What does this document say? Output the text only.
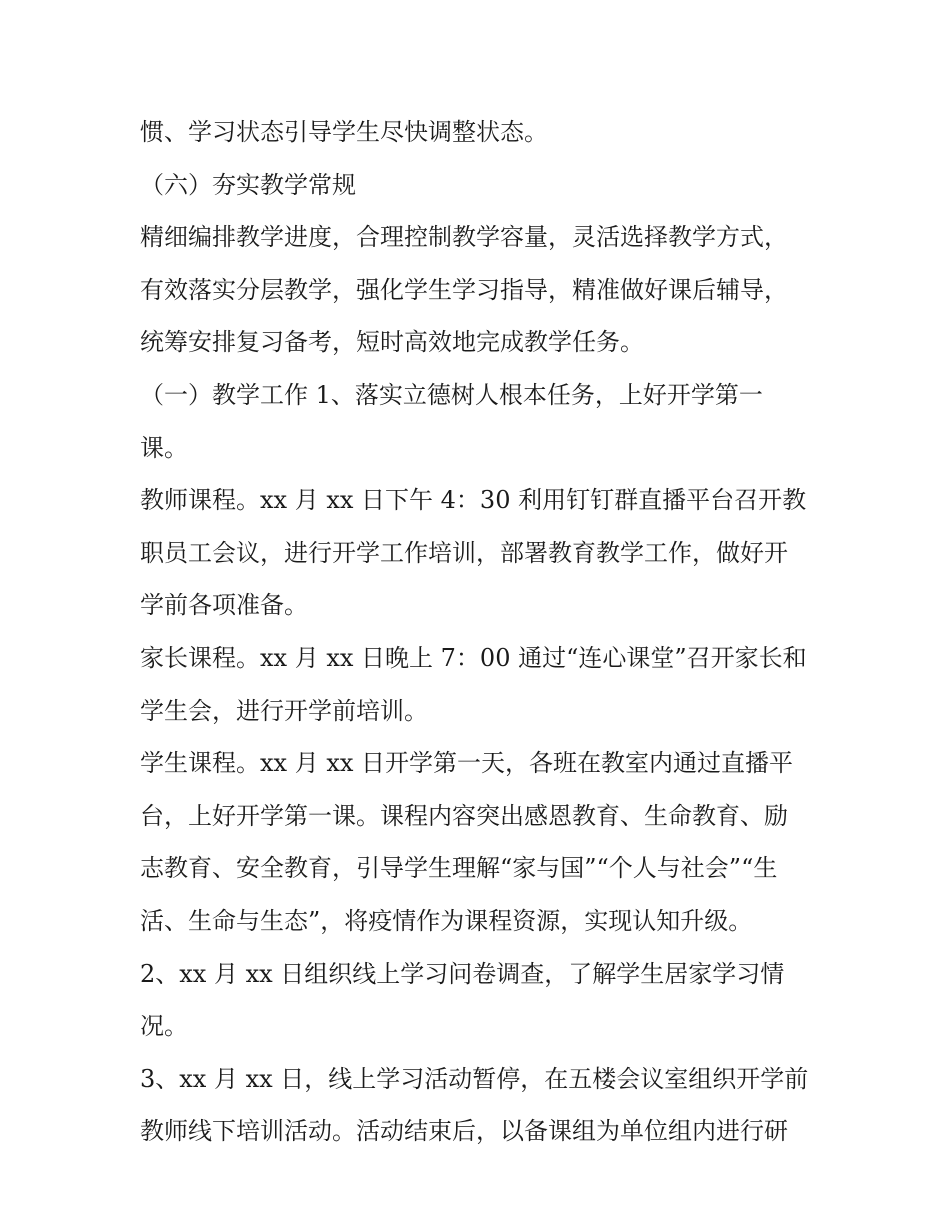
惯、学习状态引导学生尽快调整状态。
（六）夯实教学常规
精细编排教学进度，合理控制教学容量，灵活选择教学方式，
有效落实分层教学，强化学生学习指导，精准做好课后辅导，
统筹安排复习备考，短时高效地完成教学任务。
（一）教学工作 1、落实立德树人根本任务，上好开学第一
课。
教师课程。xx 月 xx 日下午 4：30 利用钉钉群直播平台召开教
职员工会议，进行开学工作培训，部署教育教学工作，做好开
学前各项准备。
家长课程。xx 月 xx 日晚上 7：00 通过“连心课堂”召开家长和
学生会，进行开学前培训。
学生课程。xx 月 xx 日开学第一天，各班在教室内通过直播平
台，上好开学第一课。课程内容突出感恩教育、生命教育、励
志教育、安全教育，引导学生理解“家与国”“个人与社会”“生
活、生命与生态”，将疫情作为课程资源，实现认知升级。
2、xx 月 xx 日组织线上学习问卷调查，了解学生居家学习情
况。
3、xx 月 xx 日，线上学习活动暂停，在五楼会议室组织开学前
教师线下培训活动。活动结束后，以备课组为单位组内进行研
